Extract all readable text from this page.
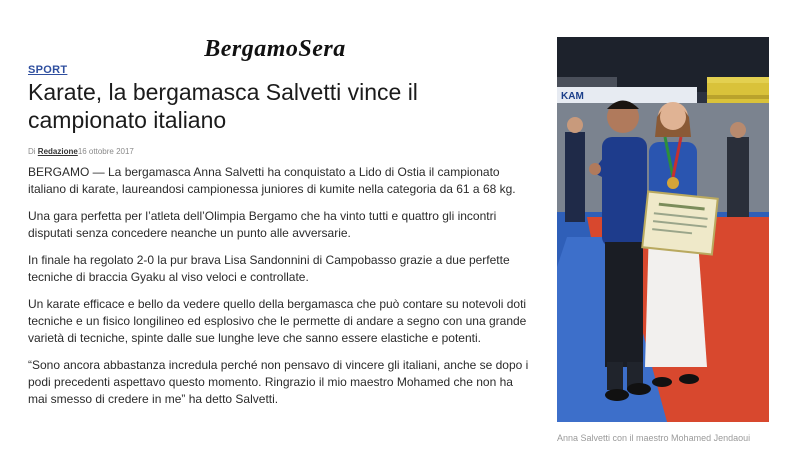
BergamoSera
SPORT
Karate, la bergamasca Salvetti vince il campionato italiano
Di Redazione16 ottobre 2017

BERGAMO — La bergamasca Anna Salvetti ha conquistato a Lido di Ostia il campionato italiano di karate, laureandosi campionessa juniores di kumite nella categoria da 61 a 68 kg.

Una gara perfetta per l’atleta dell’Olimpia Bergamo che ha vinto tutti e quattro gli incontri disputati senza concedere neanche un punto alle avversarie.

In finale ha regolato 2-0 la pur brava Lisa Sandonnini di Campobasso grazie a due perfette tecniche di braccia Gyaku al viso veloci e controllate.

Un karate efficace e bello da vedere quello della bergamasca che può contare su notevoli doti tecniche e un fisico longilineo ed esplosivo che le permette di andare a segno con una grande varietà di tecniche, spinte dalle sue lunghe leve che sanno essere elastiche e potenti.

“Sono ancora abbastanza incredula perché non pensavo di vincere gli italiani, anche se dopo i podi precedenti aspettavo questo momento. Ringrazio il mio maestro Mohamed che non ha mai smesso di credere in me” ha detto Salvetti.

KAM
Anna Salvetti con il maestro Mohamed Jendaoui
